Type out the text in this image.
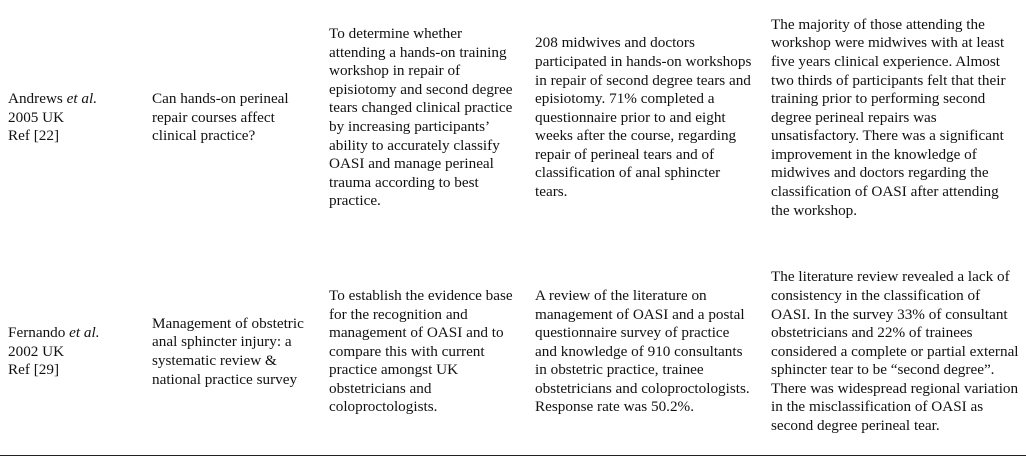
Andrews et al.
2005 UK
Ref [22]
Can hands-on perineal repair courses affect clinical practice?
To determine whether attending a hands-on training workshop in repair of episiotomy and second degree tears changed clinical practice by increasing participants’ ability to accurately classify OASI and manage perineal trauma according to best practice.
208 midwives and doctors participated in hands-on workshops in repair of second degree tears and episiotomy. 71% completed a questionnaire prior to and eight weeks after the course, regarding repair of perineal tears and of classification of anal sphincter tears.
The majority of those attending the workshop were midwives with at least five years clinical experience. Almost two thirds of participants felt that their training prior to performing second degree perineal repairs was unsatisfactory. There was a significant improvement in the knowledge of midwives and doctors regarding the classification of OASI after attending the workshop.
Fernando et al.
2002 UK
Ref [29]
Management of obstetric anal sphincter injury: a systematic review & national practice survey
To establish the evidence base for the recognition and management of OASI and to compare this with current practice amongst UK obstetricians and coloproctologists.
A review of the literature on management of OASI and a postal questionnaire survey of practice and knowledge of 910 consultants in obstetric practice, trainee obstetricians and coloproctologists. Response rate was 50.2%.
The literature review revealed a lack of consistency in the classification of OASI. In the survey 33% of consultant obstetricians and 22% of trainees considered a complete or partial external sphincter tear to be “second degree”. There was widespread regional variation in the misclassification of OASI as second degree perineal tear.
